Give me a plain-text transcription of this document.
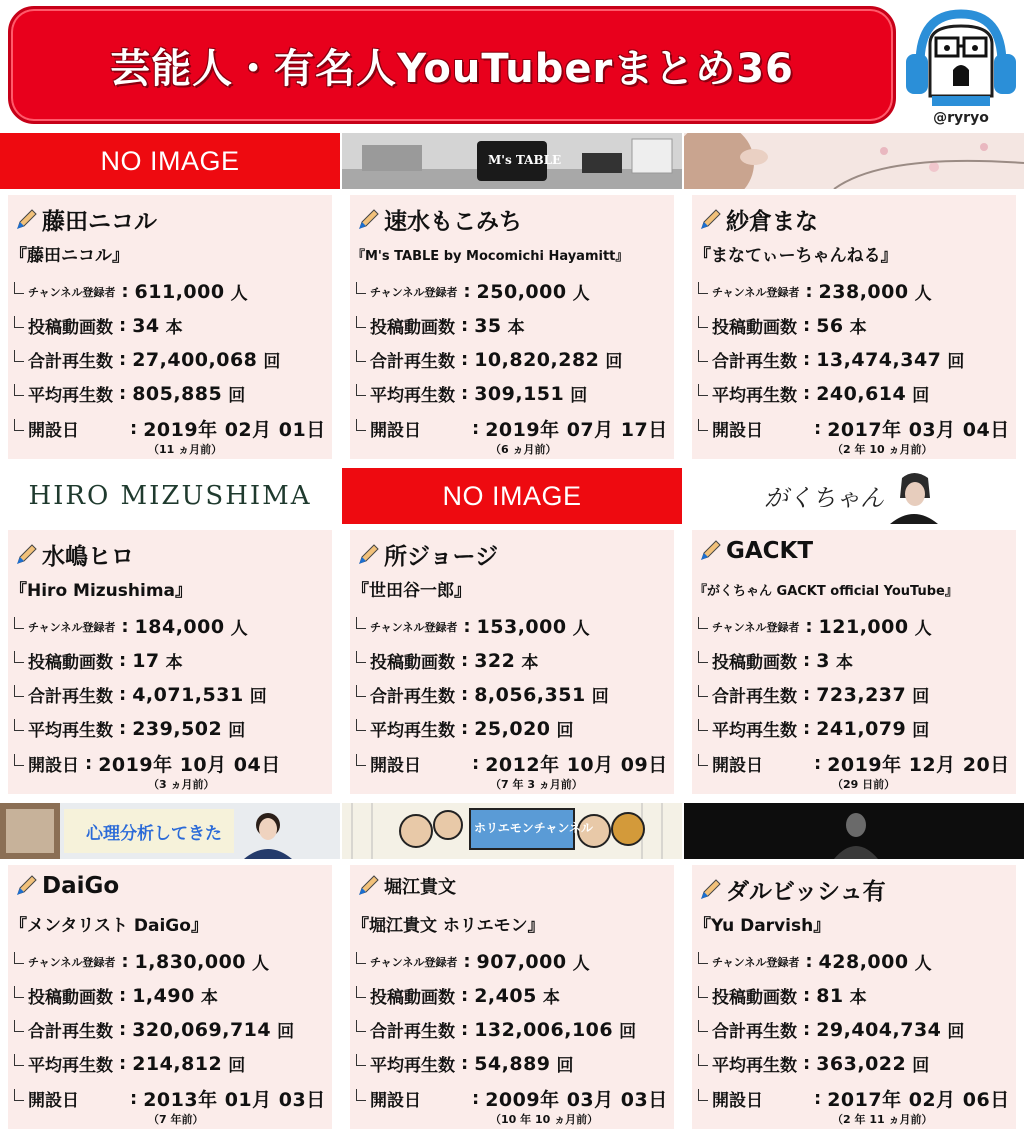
芸能人・有名人YouTuberまとめ36
@ryryo
NO IMAGE
藤田ニコル
『藤田ニコル』
チャンネル登録者 : 611,000 人
投稿動画数 : 34 本
合計再生数 : 27,400,068 回
平均再生数 : 805,885 回
開設日	: 2019年 02月 01日
（11 ヵ月前）
M's TABLE
速水もこみち
『M's TABLE by Mocomichi Hayamitt』
チャンネル登録者 : 250,000 人
投稿動画数 : 35 本
合計再生数 : 10,820,282 回
平均再生数 : 309,151 回
開設日	: 2019年 07月 17日
（6 ヵ月前）
紗倉まな
『まなてぃーちゃんねる』
チャンネル登録者 : 238,000 人
投稿動画数 : 56 本
合計再生数 : 13,474,347 回
平均再生数 : 240,614 回
開設日	: 2017年 03月 04日
（2 年 10 ヵ月前）
HIRO MIZUSHIMA
水嶋ヒロ
『Hiro Mizushima』
チャンネル登録者 : 184,000 人
投稿動画数 : 17 本
合計再生数 : 4,071,531 回
平均再生数 : 239,502 回
開設日 : 2019年 10月 04日
（3 ヵ月前）
NO IMAGE
所ジョージ
『世田谷一郎』
チャンネル登録者 : 153,000 人
投稿動画数 : 322 本
合計再生数 : 8,056,351 回
平均再生数 : 25,020 回
開設日	: 2012年 10月 09日
（7 年 3 ヵ月前）
がくちゃん
GACKT
『がくちゃん GACKT official YouTube』
チャンネル登録者 : 121,000 人
投稿動画数 : 3 本
合計再生数 : 723,237 回
平均再生数 : 241,079 回
開設日	: 2019年 12月 20日
（29 日前）
心理分析してきた
DaiGo
『メンタリスト DaiGo』
チャンネル登録者 : 1,830,000 人
投稿動画数 : 1,490 本
合計再生数 : 320,069,714 回
平均再生数 : 214,812 回
開設日	: 2013年 01月 03日
（7 年前）
ホリエモンチャンネル
堀江貴文
『堀江貴文 ホリエモン』
チャンネル登録者 : 907,000 人
投稿動画数 : 2,405 本
合計再生数 : 132,006,106 回
平均再生数 : 54,889 回
開設日	: 2009年 03月 03日
（10 年 10 ヵ月前）
ダルビッシュ有
『Yu Darvish』
チャンネル登録者 : 428,000 人
投稿動画数 : 81 本
合計再生数 : 29,404,734 回
平均再生数 : 363,022 回
開設日	: 2017年 02月 06日
（2 年 11 ヵ月前）
